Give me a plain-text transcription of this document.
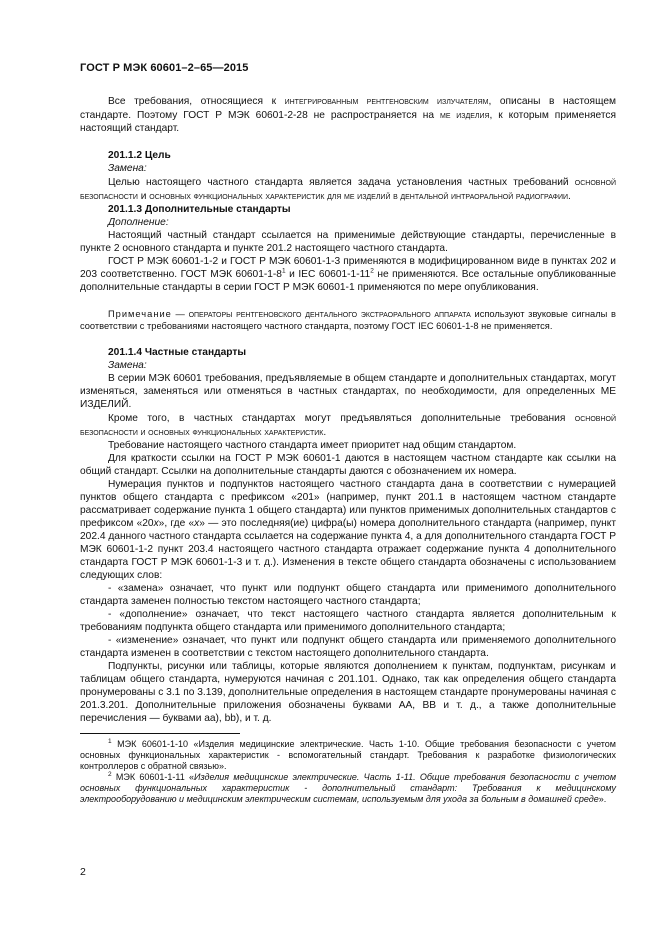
ГОСТ Р МЭК 60601–2–65—2015

Все требования, относящиеся к интегрированным рентгеновским излучателям, описаны в настоящем стандарте. Поэтому ГОСТ Р МЭК 60601-2-28 не распространяется на ме изделия, к которым применяется настоящий стандарт.

201.1.2 Цель
Замена:

Целью настоящего частного стандарта является задача установления частных требований основной безопасности и основных функциональных характеристик для ме изделий в дентальной интраоральной радиографии.

201.1.3 Дополнительные стандарты
Дополнение:

Настоящий частный стандарт ссылается на применимые действующие стандарты, перечисленные в пункте 2 основного стандарта и пункте 201.2 настоящего частного стандарта.

ГОСТ Р МЭК 60601-1-2 и ГОСТ Р МЭК 60601-1-3 применяются в модифицированном виде в пунктах 202 и 203 соответственно. ГОСТ МЭК $60601-1-8^1$ и IEC $60601-1-11^2$ не применяются. Все остальные опубликованные дополнительные стандарты в серии ГОСТ Р МЭК 60601-1 применяются по мере опубликования.

Примечание — операторы рентгеновского дентального экстраорального аппарата используют звуковые сигналы в соответствии с требованиями настоящего частного стандарта, поэтому ГОСТ IEC 60601-1-8 не применяется.

201.1.4 Частные стандарты
Замена:

В серии МЭК 60601 требования, предъявляемые в общем стандарте и дополнительных стандартах, могут изменяться, заменяться или отменяться в частных стандартах, по необходимости, для определенных МЕ ИЗДЕЛИЙ.

Кроме того, в частных стандартах могут предъявляться дополнительные требования основной безопасности и основных функциональных характеристик.

Требование настоящего частного стандарта имеет приоритет над общим стандартом.

Для краткости ссылки на ГОСТ Р МЭК 60601-1 даются в настоящем частном стандарте как ссылки на общий стандарт. Ссылки на дополнительные стандарты даются с обозначением их номера.

Нумерация пунктов и подпунктов настоящего частного стандарта дана в соответствии с нумерацией пунктов общего стандарта с префиксом «201» (например, пункт 201.1 в настоящем частном стандарте рассматривает содержание пункта 1 общего стандарта) или пунктов применимых дополнительных стандартов с префиксом «20x», где «x» — это последняя(ие) цифра(ы) номера дополнительного стандарта (например, пункт 202.4 данного частного стандарта ссылается на содержание пункта 4, а для дополнительного стандарта ГОСТ Р МЭК 60601-1-2 пункт 203.4 настоящего частного стандарта отражает содержание пункта 4 дополнительного стандарта ГОСТ Р МЭК 60601-1-3 и т. д.). Изменения в тексте общего стандарта обозначены с использованием следующих слов:

- «замена» означает, что пункт или подпункт общего стандарта или применимого дополнительного стандарта заменен полностью текстом настоящего частного стандарта;

- «дополнение» означает, что текст настоящего частного стандарта является дополнительным к требованиям подпункта общего стандарта или применимого дополнительного стандарта;

- «изменение» означает, что пункт или подпункт общего стандарта или применяемого дополнительного стандарта изменен в соответствии с текстом настоящего дополнительного стандарта.

Подпункты, рисунки или таблицы, которые являются дополнением к пунктам, подпунктам, рисункам и таблицам общего стандарта, нумеруются начиная с 201.101. Однако, так как определения общего стандарта пронумерованы с 3.1 по 3.139, дополнительные определения в настоящем стандарте пронумерованы начиная с 201.3.201. Дополнительные приложения обозначены буквами АА, ВВ и т. д., а также дополнительные перечисления — буквами аа), bb), и т. д.

$^1$ МЭК 60601-1-10 «Изделия медицинские электрические. Часть 1-10. Общие требования безопасности с учетом основных функциональных характеристик - вспомогательный стандарт. Требования к разработке физиологических контроллеров с обратной связью».

$^2$ МЭК 60601-1-11 «Изделия медицинские электрические. Часть 1-11. Общие требования безопасности с учетом основных функциональных характеристик - дополнительный стандарт: Требования к медицинскому электрооборудованию и медицинским электрическим системам, используемым для ухода за больным в домашней среде».

2
